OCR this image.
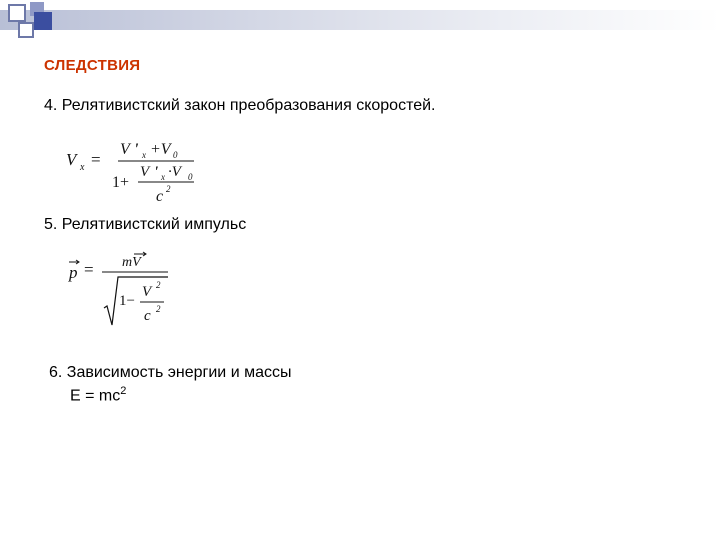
СЛЕДСТВИЯ
4. Релятивистский закон преобразования скоростей.
V x =
V ' x +V 0
1+
V ' x ·V 0
c 2
5. Релятивистский импульс
p = mV
1−
V 2
c 2
6. Зависимость энергии и массы
$E = mc^2$
